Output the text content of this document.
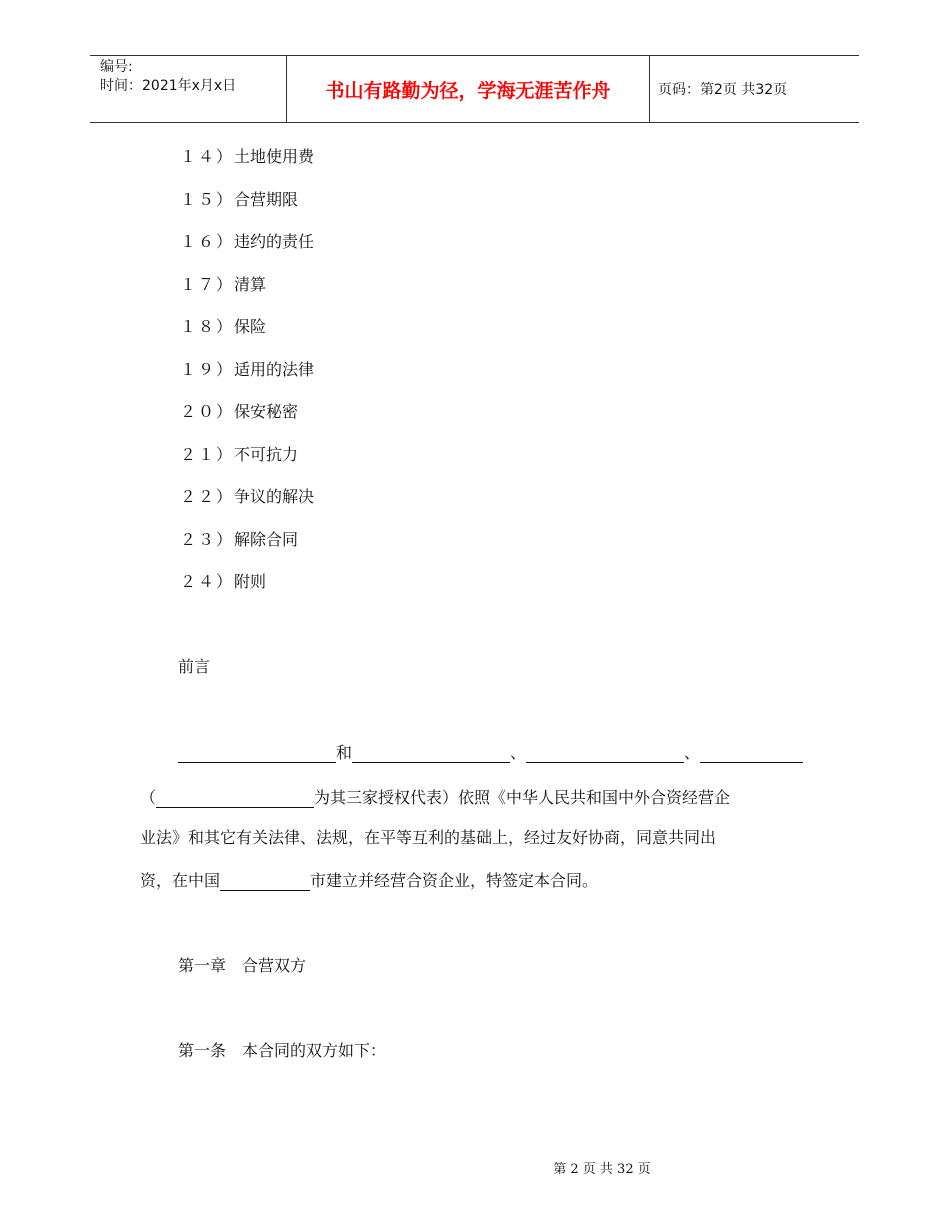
编号:
时间：2021年x月x日	书山有路勤为径，学海无涯苦作舟	页码：第2页 共32页
１４）土地使用费
１５）合营期限
１６）违约的责任
１７）清算
１８）保险
１９）适用的法律
２０）保安秘密
２１）不可抗力
２２）争议的解决
２３）解除合同
２４）附则
前言
和	、	、
（	为其三家授权代表）依照《中华人民共和国中外合资经营企
业法》和其它有关法律、法规，在平等互利的基础上，经过友好协商，同意共同出
资，在中国	市建立并经营合资企业，特签定本合同。
第一章　合营双方
第一条　本合同的双方如下：
第 2 页 共 32 页
